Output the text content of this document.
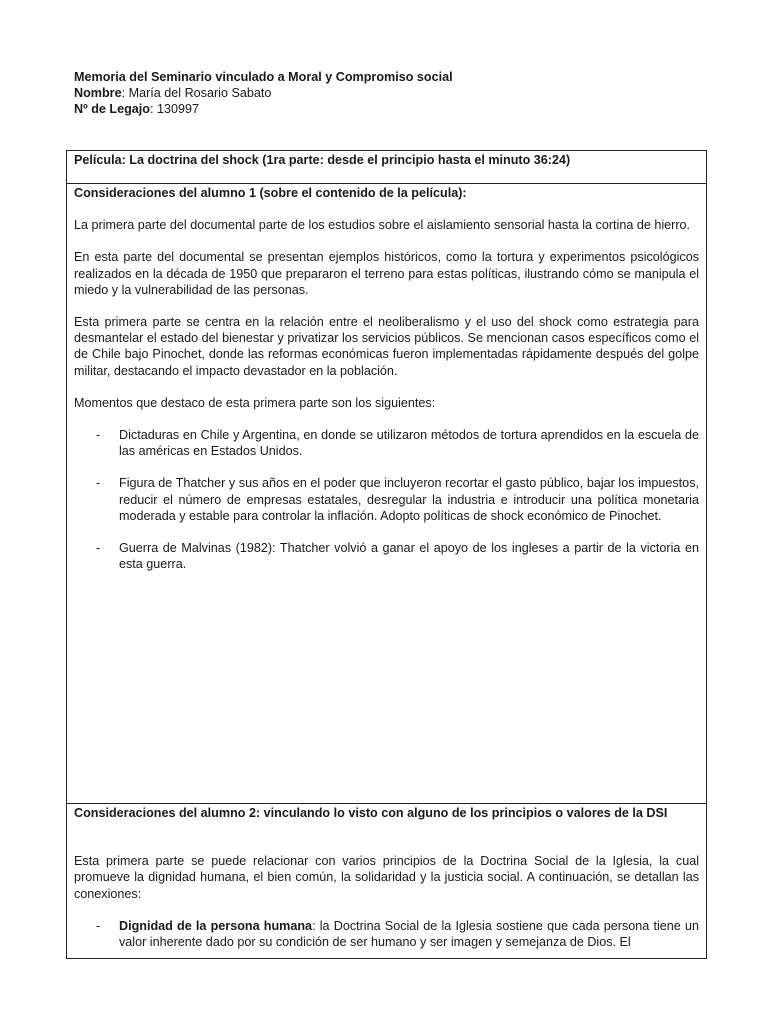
Memoria del Seminario vinculado a Moral y Compromiso social
Nombre: María del Rosario Sabato
Nº de Legajo: 130997
Película: La doctrina del shock (1ra parte: desde el principio hasta el minuto 36:24)
Consideraciones del alumno 1 (sobre el contenido de la película):

La primera parte del documental parte de los estudios sobre el aislamiento sensorial hasta la cortina de hierro.

En esta parte del documental se presentan ejemplos históricos, como la tortura y experimentos psicológicos realizados en la década de 1950 que prepararon el terreno para estas políticas, ilustrando cómo se manipula el miedo y la vulnerabilidad de las personas.

Esta primera parte se centra en la relación entre el neoliberalismo y el uso del shock como estrategia para desmantelar el estado del bienestar y privatizar los servicios públicos. Se mencionan casos específicos como el de Chile bajo Pinochet, donde las reformas económicas fueron implementadas rápidamente después del golpe militar, destacando el impacto devastador en la población.

Momentos que destaco de esta primera parte son los siguientes:

- Dictaduras en Chile y Argentina, en donde se utilizaron métodos de tortura aprendidos en la escuela de las américas en Estados Unidos.
- Figura de Thatcher y sus años en el poder que incluyeron recortar el gasto público, bajar los impuestos, reducir el número de empresas estatales, desregular la industria e introducir una política monetaria moderada y estable para controlar la inflación. Adopto políticas de shock económico de Pinochet.
- Guerra de Malvinas (1982): Thatcher volvió a ganar el apoyo de los ingleses a partir de la victoria en esta guerra.
Consideraciones del alumno 2: vinculando lo visto con alguno de los principios o valores de la DSI

Esta primera parte se puede relacionar con varios principios de la Doctrina Social de la Iglesia, la cual promueve la dignidad humana, el bien común, la solidaridad y la justicia social. A continuación, se detallan las conexiones:

- Dignidad de la persona humana: la Doctrina Social de la Iglesia sostiene que cada persona tiene un valor inherente dado por su condición de ser humano y ser imagen y semejanza de Dios. El
